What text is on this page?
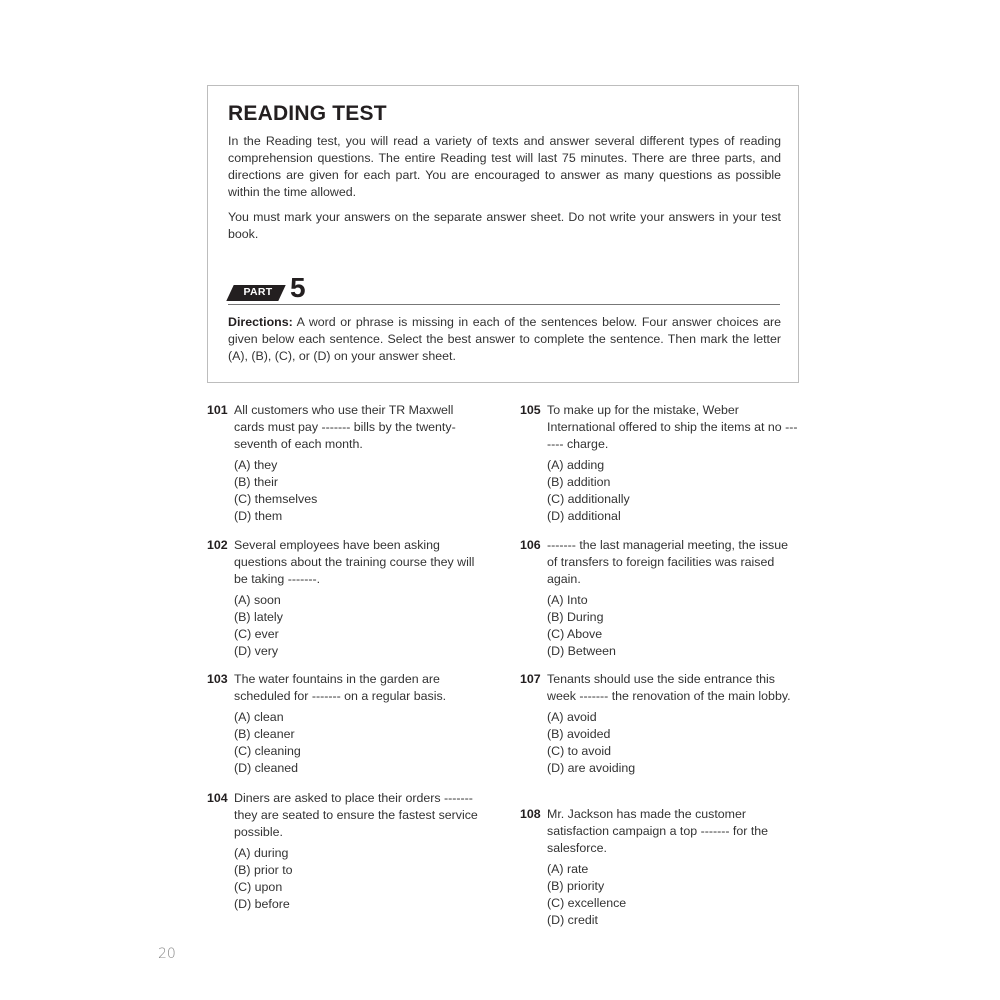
READING TEST

In the Reading test, you will read a variety of texts and answer several different types of reading comprehension questions. The entire Reading test will last 75 minutes. There are three parts, and directions are given for each part. You are encouraged to answer as many questions as possible within the time allowed.

You must mark your answers on the separate answer sheet. Do not write your answers in your test book.

PART 5

Directions: A word or phrase is missing in each of the sentences below. Four answer choices are given below each sentence. Select the best answer to complete the sentence. Then mark the letter (A), (B), (C), or (D) on your answer sheet.

101 All customers who use their TR Maxwell cards must pay ------- bills by the twenty-seventh of each month.
(A) they
(B) their
(C) themselves
(D) them
102 Several employees have been asking questions about the training course they will be taking -------.
(A) soon
(B) lately
(C) ever
(D) very
103 The water fountains in the garden are scheduled for ------- on a regular basis.
(A) clean
(B) cleaner
(C) cleaning
(D) cleaned
104 Diners are asked to place their orders ------- they are seated to ensure the fastest service possible.
(A) during
(B) prior to
(C) upon
(D) before
105 To make up for the mistake, Weber International offered to ship the items at no ------- charge.
(A) adding
(B) addition
(C) additionally
(D) additional
106 ------- the last managerial meeting, the issue of transfers to foreign facilities was raised again.
(A) Into
(B) During
(C) Above
(D) Between
107 Tenants should use the side entrance this week ------- the renovation of the main lobby.
(A) avoid
(B) avoided
(C) to avoid
(D) are avoiding
108 Mr. Jackson has made the customer satisfaction campaign a top ------- for the salesforce.
(A) rate
(B) priority
(C) excellence
(D) credit
20
